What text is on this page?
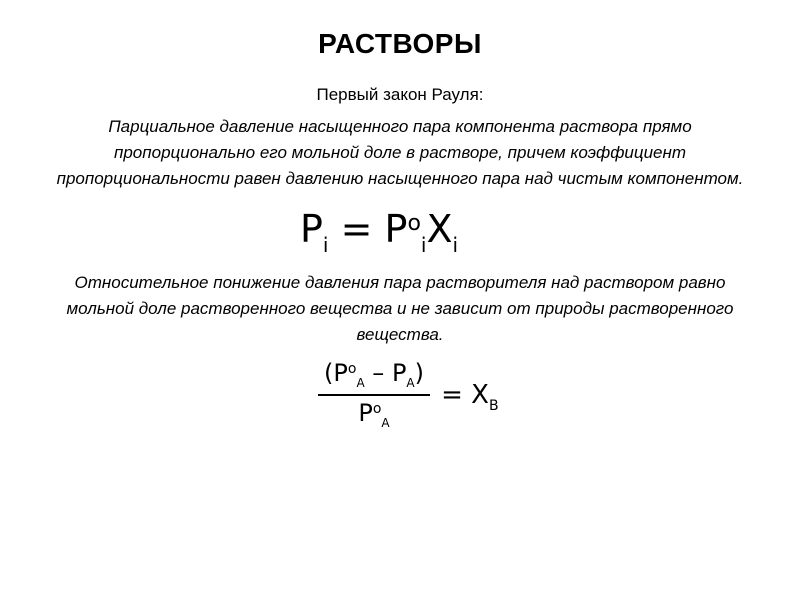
РАСТВОРЫ
Первый закон Рауля:
Парциальное давление насыщенного пара компонента раствора прямо пропорционально его мольной доле в растворе, причем коэффициент пропорциональности равен давлению насыщенного пара над чистым компонентом.
$P_i = P^o_iX_i$
Относительное понижение давления пара растворителя над раствором равно мольной доле растворенного вещества и не зависит от природы растворенного вещества.
$\frac{(P^o_A - P_A)}{P^o_A} = X_B$
